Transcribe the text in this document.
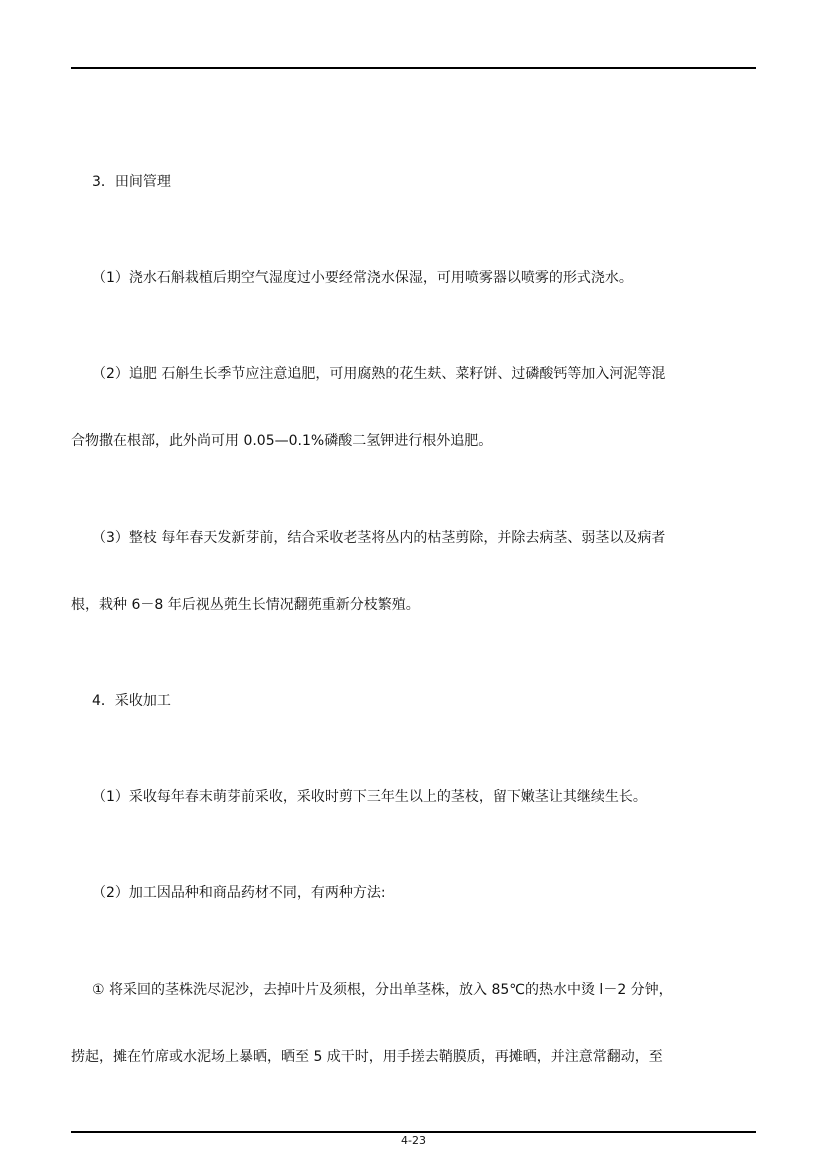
3．田间管理
（1）浇水石斛栽植后期空气湿度过小要经常浇水保湿，可用喷雾器以喷雾的形式浇水。
（2）追肥 石斛生长季节应注意追肥，可用腐熟的花生麸、菜籽饼、过磷酸钙等加入河泥等混
合物撒在根部，此外尚可用 0.05—0.1%磷酸二氢钾进行根外追肥。
（3）整枝 每年春天发新芽前，结合采收老茎将丛内的枯茎剪除，并除去病茎、弱茎以及病者
根，栽种 6－8 年后视丛蔸生长情况翻蔸重新分枝繁殖。
4．采收加工
（1）采收每年春末萌芽前采收，采收时剪下三年生以上的茎枝，留下嫩茎让其继续生长。
（2）加工因品种和商品药材不同，有两种方法:
① 将采回的茎株洗尽泥沙，去掉叶片及须根，分出单茎株，放入 85℃的热水中烫 l－2 分钟，
捞起，摊在竹席或水泥场上暴晒，晒至 5 成干时，用手搓去鞘膜质，再摊晒，并注意常翻动，至
4-23
